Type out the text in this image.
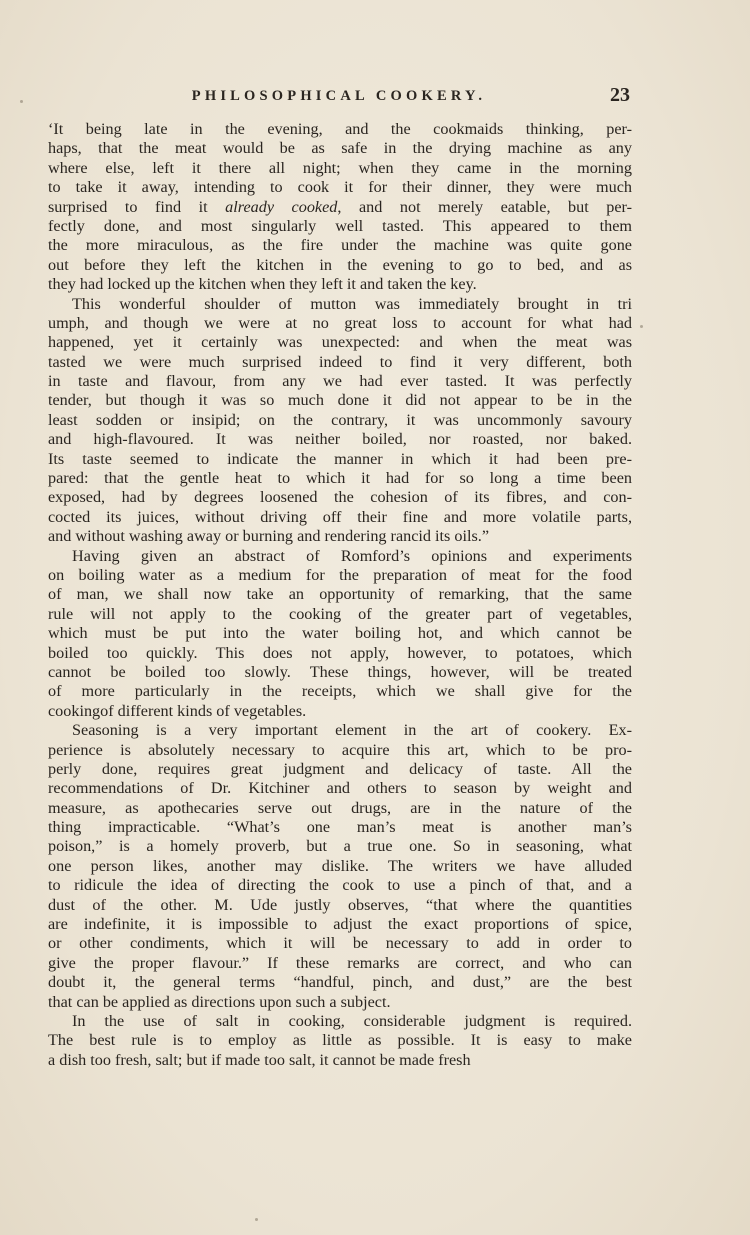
PHILOSOPHICAL COOKERY.	23
‘It being late in the evening, and the cookmaids thinking, per-
haps, that the meat would be as safe in the drying machine as any
where else, left it there all night; when they came in the morning
to take it away, intending to cook it for their dinner, they were much
surprised to find it already cooked, and not merely eatable, but per-
fectly done, and most singularly well tasted. This appeared to them
the more miraculous, as the fire under the machine was quite gone
out before they left the kitchen in the evening to go to bed, and as
they had locked up the kitchen when they left it and taken the key.
This wonderful shoulder of mutton was immediately brought in tri
umph, and though we were at no great loss to account for what had
happened, yet it certainly was unexpected: and when the meat was
tasted we were much surprised indeed to find it very different, both
in taste and flavour, from any we had ever tasted. It was perfectly
tender, but though it was so much done it did not appear to be in the
least sodden or insipid; on the contrary, it was uncommonly savoury
and high-flavoured. It was neither boiled, nor roasted, nor baked.
Its taste seemed to indicate the manner in which it had been pre-
pared: that the gentle heat to which it had for so long a time been
exposed, had by degrees loosened the cohesion of its fibres, and con-
cocted its juices, without driving off their fine and more volatile parts,
and without washing away or burning and rendering rancid its oils.”
Having given an abstract of Romford’s opinions and experiments
on boiling water as a medium for the preparation of meat for the food
of man, we shall now take an opportunity of remarking, that the same
rule will not apply to the cooking of the greater part of vegetables,
which must be put into the water boiling hot, and which cannot be
boiled too quickly. This does not apply, however, to potatoes, which
cannot be boiled too slowly. These things, however, will be treated
of more particularly in the receipts, which we shall give for the
cookingof different kinds of vegetables.
Seasoning is a very important element in the art of cookery. Ex-
perience is absolutely necessary to acquire this art, which to be pro-
perly done, requires great judgment and delicacy of taste. All the
recommendations of Dr. Kitchiner and others to season by weight and
measure, as apothecaries serve out drugs, are in the nature of the
thing impracticable. “What’s one man’s meat is another man’s
poison,” is a homely proverb, but a true one. So in seasoning, what
one person likes, another may dislike. The writers we have alluded
to ridicule the idea of directing the cook to use a pinch of that, and a
dust of the other. M. Ude justly observes, “that where the quantities
are indefinite, it is impossible to adjust the exact proportions of spice,
or other condiments, which it will be necessary to add in order to
give the proper flavour.” If these remarks are correct, and who can
doubt it, the general terms “handful, pinch, and dust,” are the best
that can be applied as directions upon such a subject.
In the use of salt in cooking, considerable judgment is required.
The best rule is to employ as little as possible. It is easy to make
a dish too fresh, salt; but if made too salt, it cannot be made fresh
